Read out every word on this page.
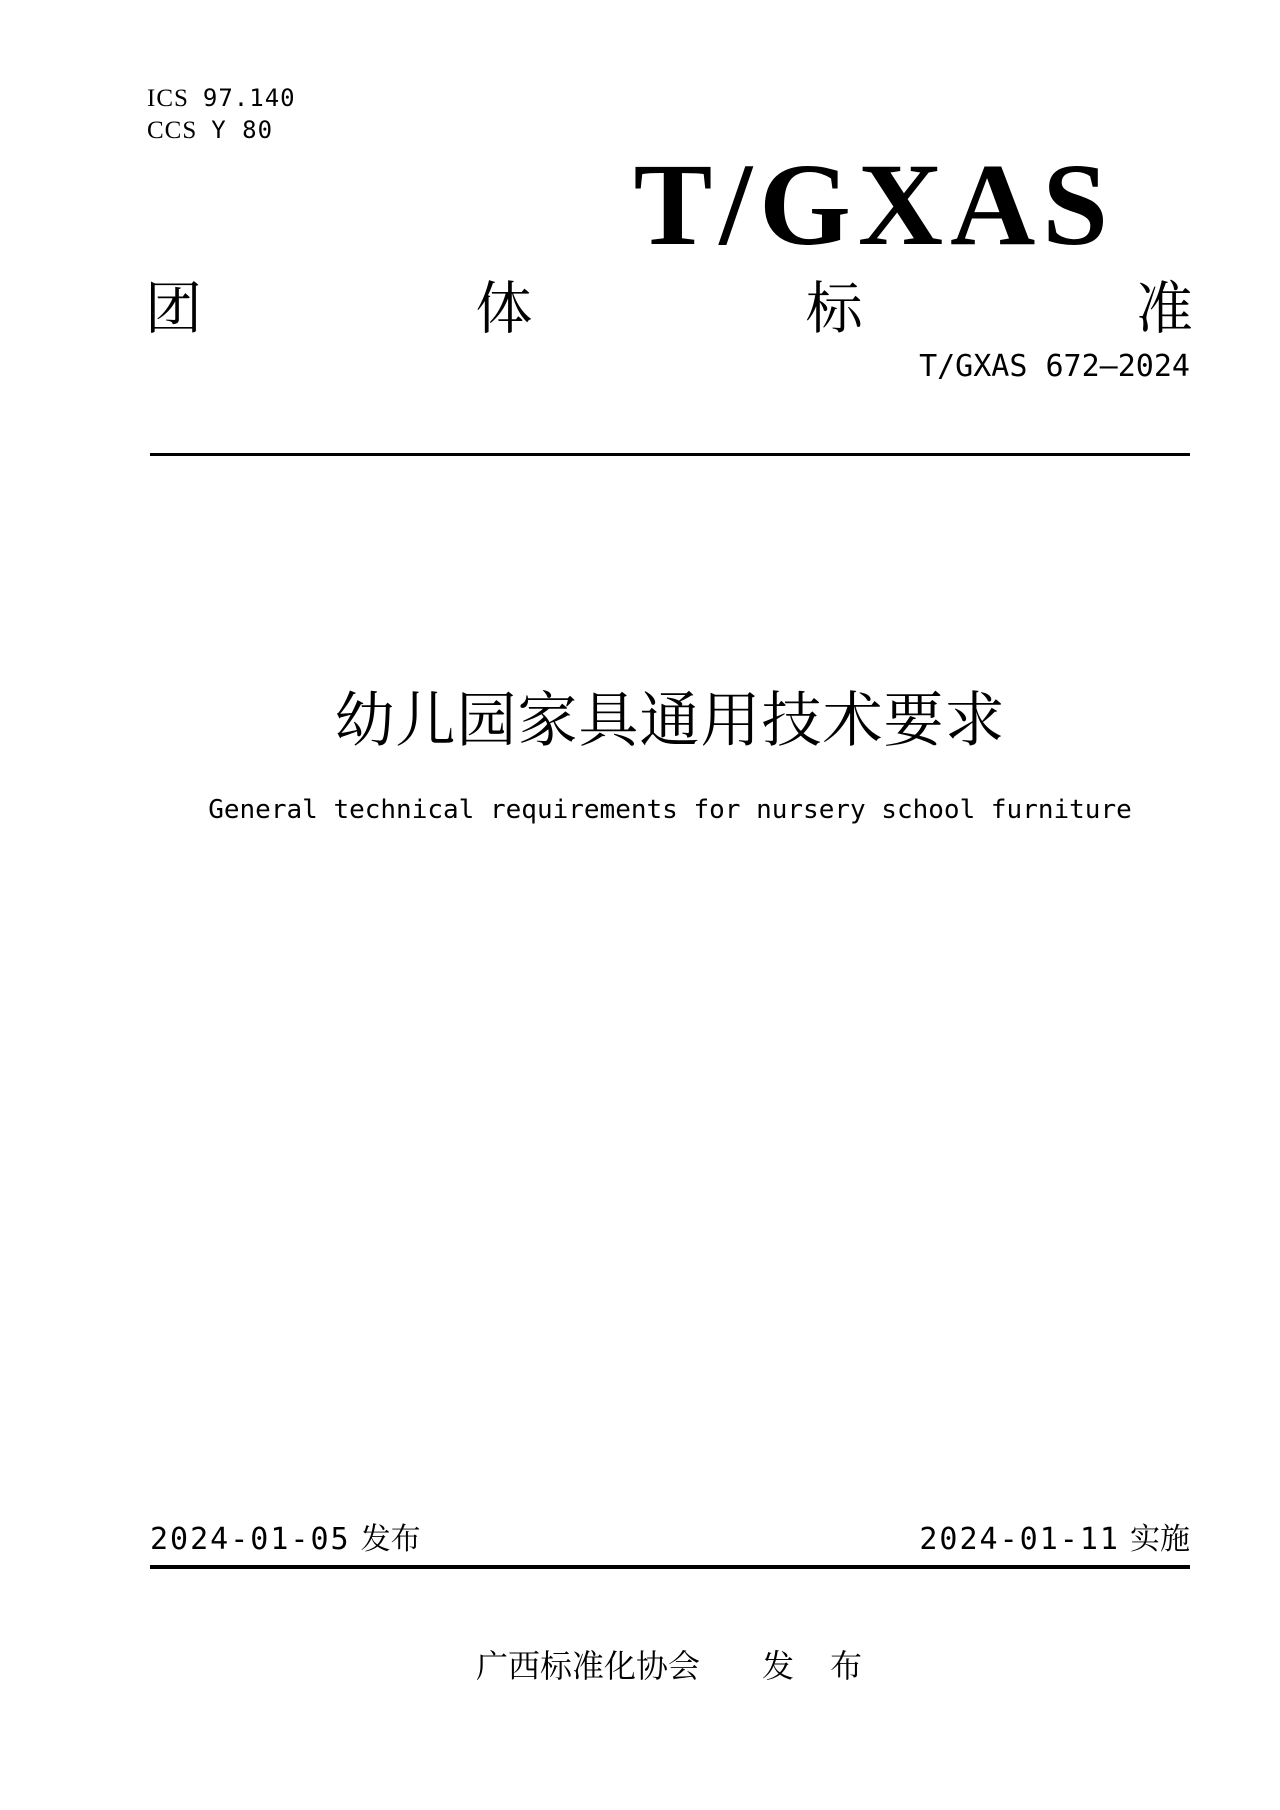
ICS 97.140
CCS Y 80
T/GXAS
团	体	标	准
T/GXAS 672—2024
幼儿园家具通用技术要求
General technical requirements for nursery school furniture
2024-01-05 发布	2024-01-11 实施
广西标准化协会 发　布
